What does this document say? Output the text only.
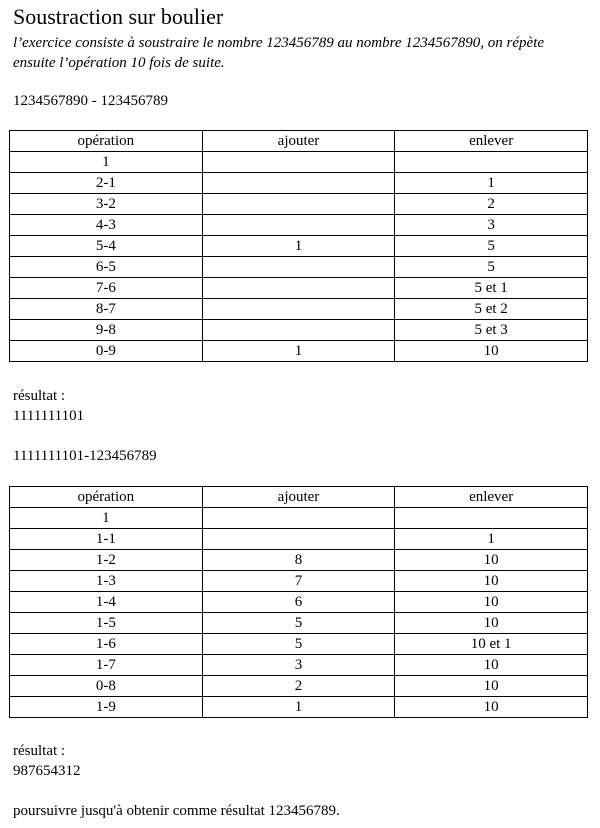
Soustraction sur boulier
l’exercice consiste à soustraire le nombre 123456789 au nombre 1234567890, on répète ensuite l’opération 10 fois de suite.
1234567890 - 123456789
opération	ajouter	enlever
1		
2-1		1
3-2		2
4-3		3
5-4	1	5
6-5		5
7-6		5 et 1
8-7		5 et 2
9-8		5 et 3
0-9	1	10
résultat :
1111111101
1111111101-123456789
opération	ajouter	enlever
1		
1-1		1
1-2	8	10
1-3	7	10
1-4	6	10
1-5	5	10
1-6	5	10 et 1
1-7	3	10
0-8	2	10
1-9	1	10
résultat :
987654312
poursuivre jusqu'à obtenir comme résultat 123456789.
